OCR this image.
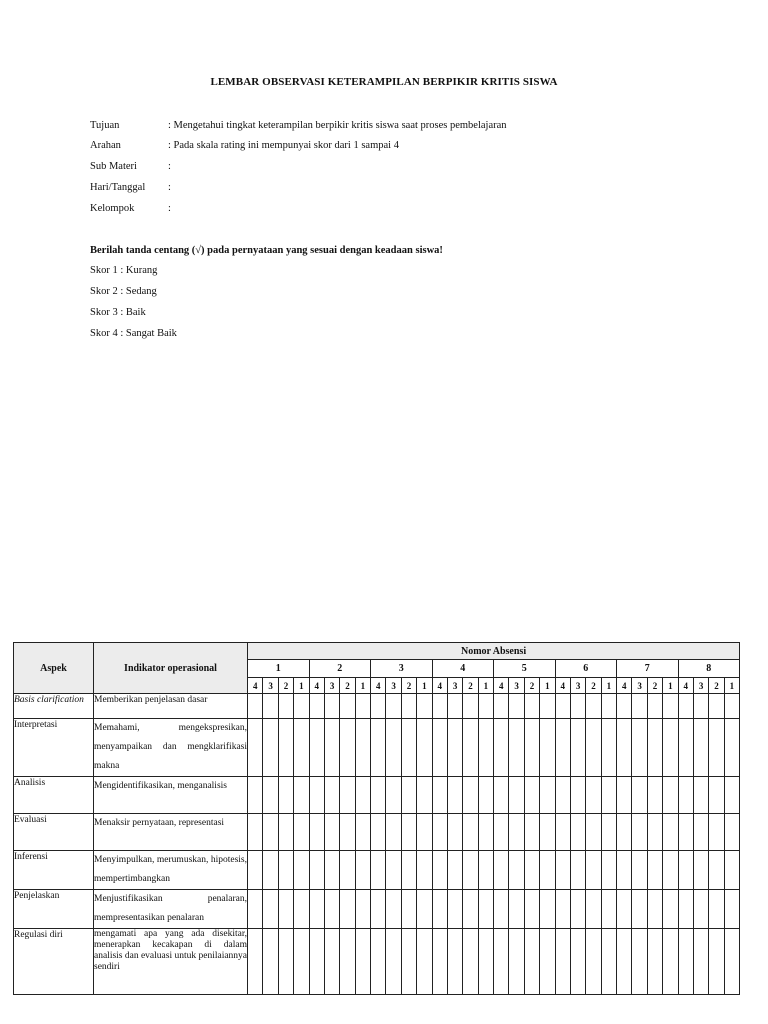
LEMBAR OBSERVASI KETERAMPILAN BERPIKIR KRITIS SISWA
Tujuan	: Mengetahui tingkat keterampilan berpikir kritis siswa saat proses pembelajaran
Arahan	: Pada skala rating ini mempunyai skor dari 1 sampai 4
Sub Materi	:
Hari/Tanggal :
Kelompok	:
Berilah tanda centang (√) pada pernyataan yang sesuai dengan keadaan siswa!
Skor 1 : Kurang
Skor 2 : Sedang
Skor 3 : Baik
Skor 4 : Sangat Baik
Aspek	Indikator operasional	Nomor Absensi																															
		1				2				3				4				5				6				7				8			
		4	3	2	1	4	3	2	1	4	3	2	1	4	3	2	1	4	3	2	1	4	3	2	1	4	3	2	1	4	3	2	1
Basis clarification	Memberikan penjelasan dasar																																
Interpretasi	Memahami, mengekspresikan, menyampaikan dan mengklarifikasi makna																																
Analisis	Mengidentifikasikan, menganalisis																																
Evaluasi	Menaksir pernyataan, representasi																																
Inferensi	Menyimpulkan, merumuskan, hipotesis, mempertimbangkan																																
Penjelaskan	Menjustifikasikan penalaran, mempresentasikan penalaran																																
Regulasi diri	mengamati apa yang ada disekitar, menerapkan kecakapan di dalam analisis dan evaluasi untuk penilaiannya sendiri																																
